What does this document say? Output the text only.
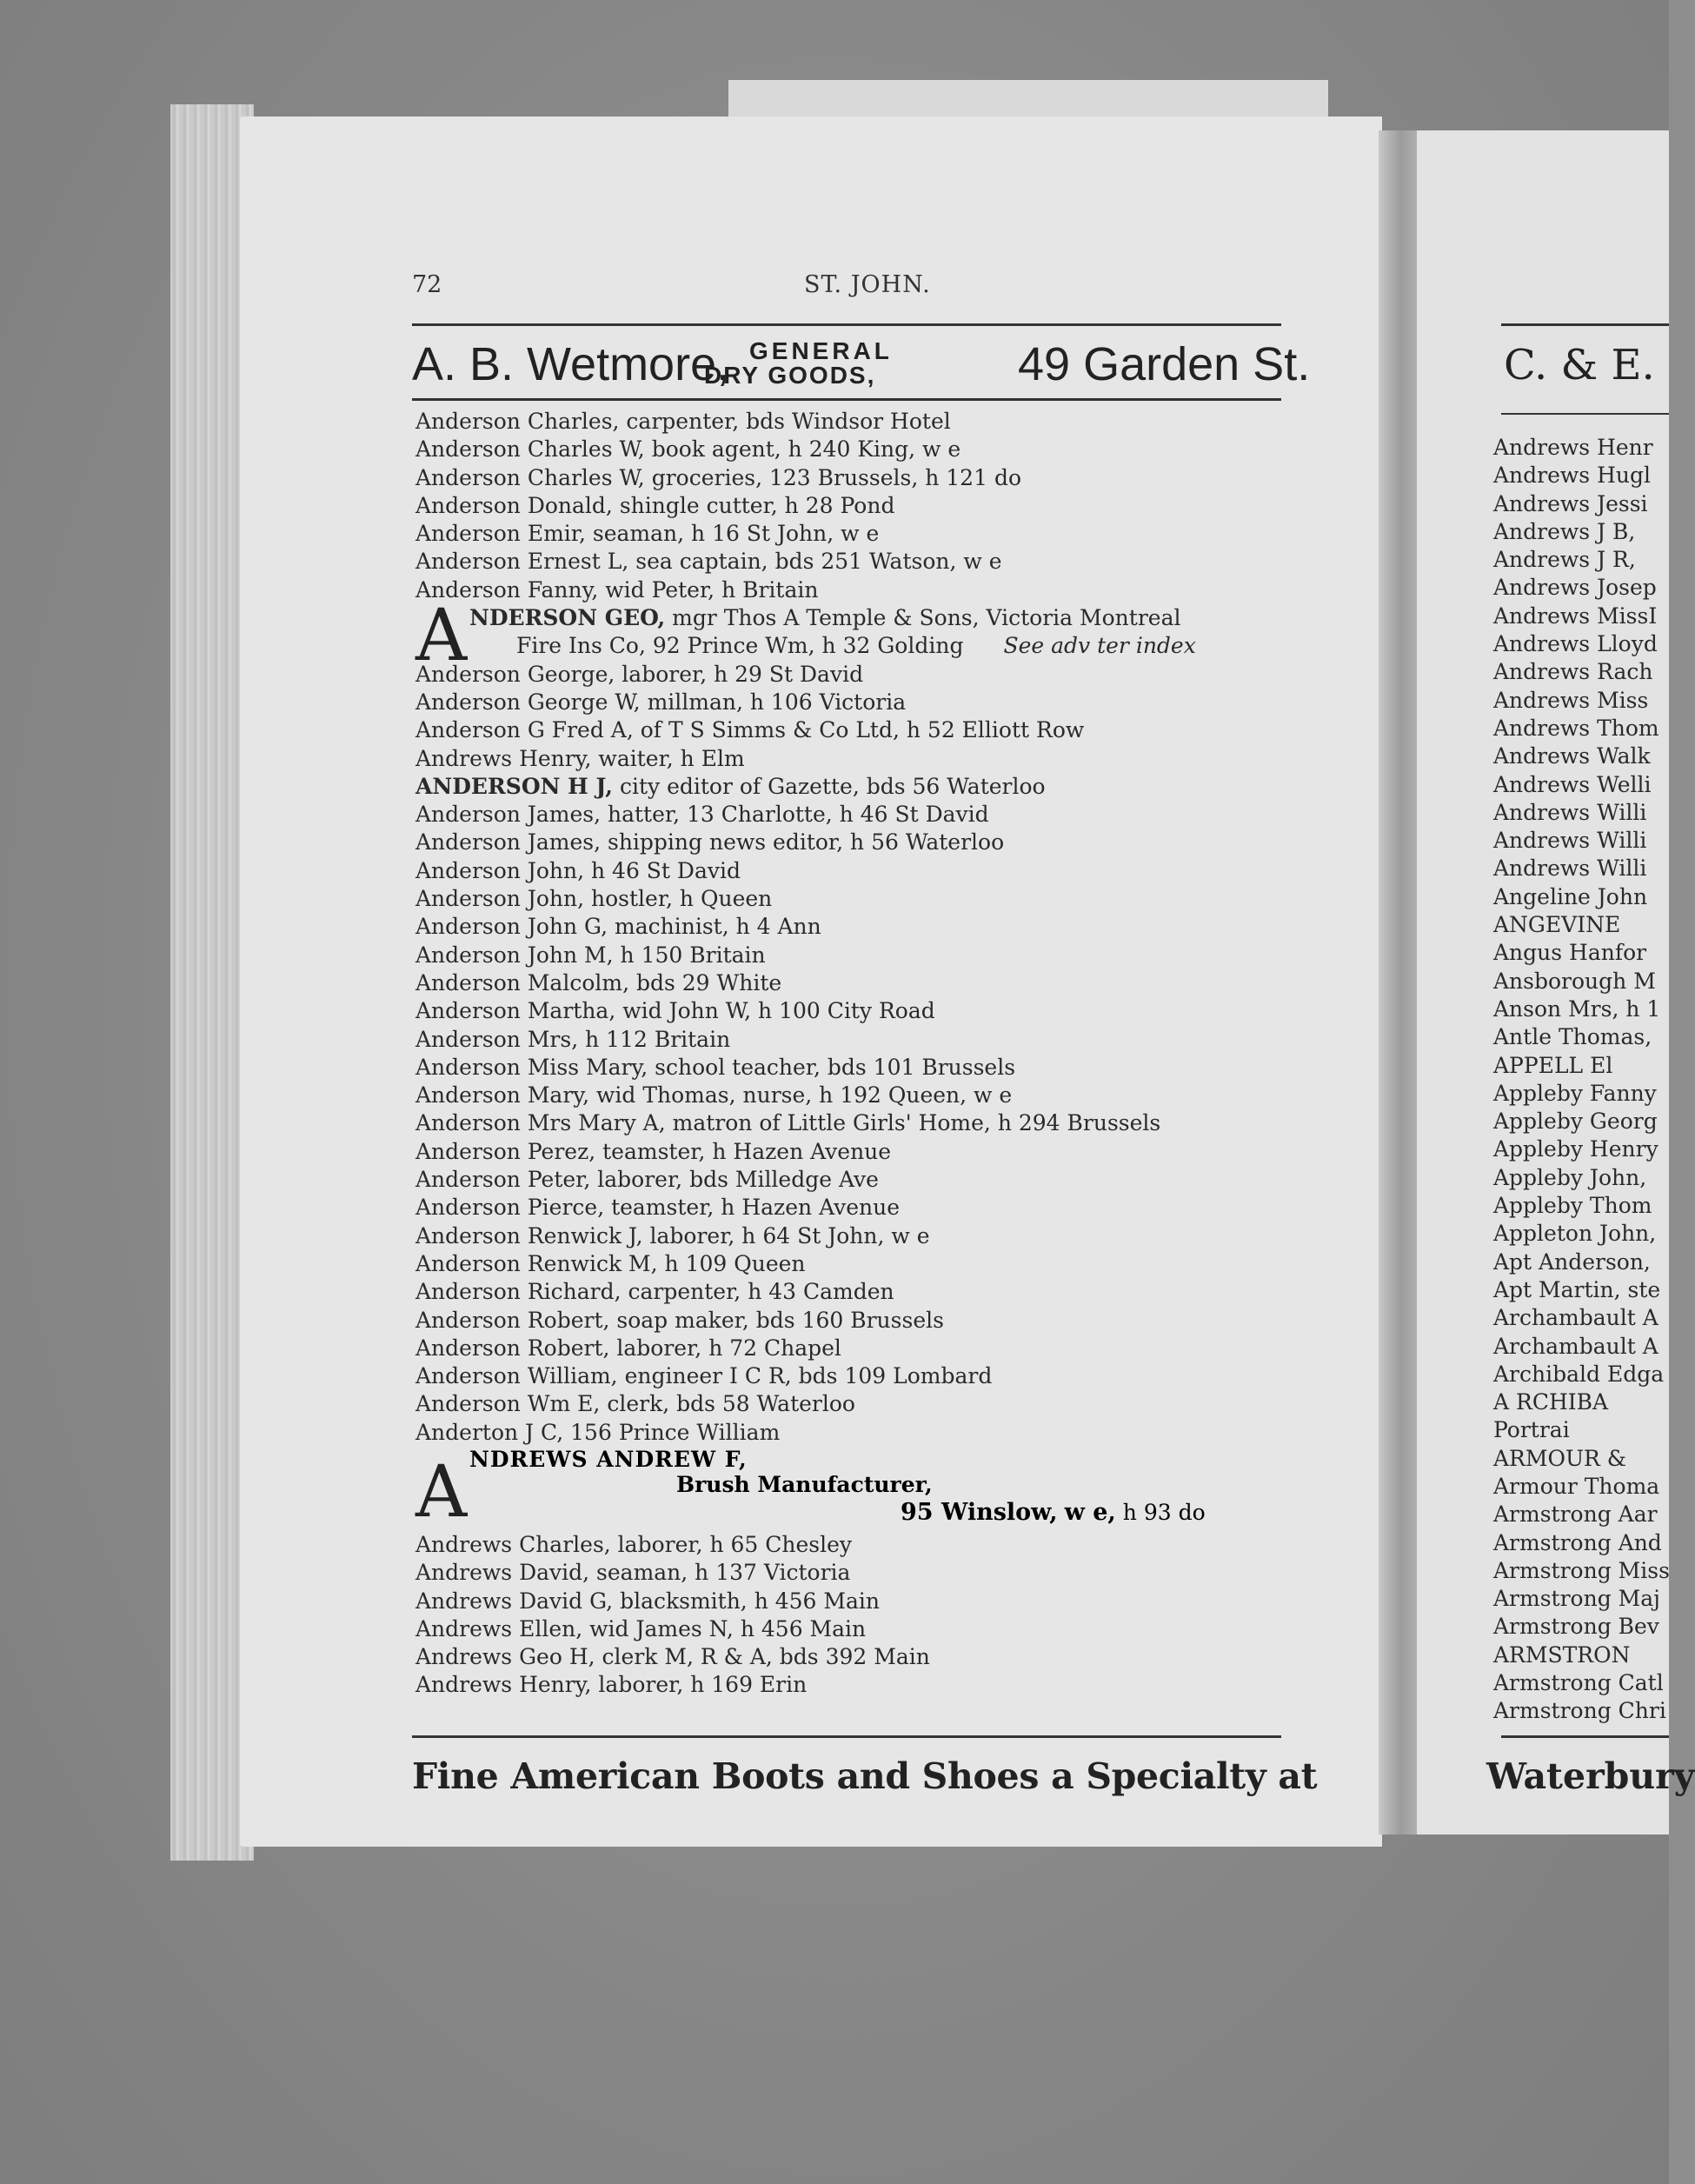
72	ST. JOHN.
A. B. Wetmore, GENERAL
DRY GOODS,	49 Garden St.
Anderson Charles, carpenter, bds Windsor Hotel
Anderson Charles W, book agent, h 240 King, w e
Anderson Charles W, groceries, 123 Brussels, h 121 do
Anderson Donald, shingle cutter, h 28 Pond
Anderson Emir, seaman, h 16 St John, w e
Anderson Ernest L, sea captain, bds 251 Watson, w e
Anderson Fanny, wid Peter, h Britain
A NDERSON GEO, mgr Thos A Temple & Sons, Victoria Montreal
Fire Ins Co, 92 Prince Wm, h 32 Golding See adv ter index
Anderson George, laborer, h 29 St David
Anderson George W, millman, h 106 Victoria
Anderson G Fred A, of T S Simms & Co Ltd, h 52 Elliott Row
Andrews Henry, waiter, h Elm
ANDERSON H J, city editor of Gazette, bds 56 Waterloo
Anderson James, hatter, 13 Charlotte, h 46 St David
Anderson James, shipping news editor, h 56 Waterloo
Anderson John, h 46 St David
Anderson John, hostler, h Queen
Anderson John G, machinist, h 4 Ann
Anderson John M, h 150 Britain
Anderson Malcolm, bds 29 White
Anderson Martha, wid John W, h 100 City Road
Anderson Mrs, h 112 Britain
Anderson Miss Mary, school teacher, bds 101 Brussels
Anderson Mary, wid Thomas, nurse, h 192 Queen, w e
Anderson Mrs Mary A, matron of Little Girls' Home, h 294 Brussels
Anderson Perez, teamster, h Hazen Avenue
Anderson Peter, laborer, bds Milledge Ave
Anderson Pierce, teamster, h Hazen Avenue
Anderson Renwick J, laborer, h 64 St John, w e
Anderson Renwick M, h 109 Queen
Anderson Richard, carpenter, h 43 Camden
Anderson Robert, soap maker, bds 160 Brussels
Anderson Robert, laborer, h 72 Chapel
Anderson William, engineer I C R, bds 109 Lombard
Anderson Wm E, clerk, bds 58 Waterloo
Anderton J C, 156 Prince William
A NDREWS ANDREW F,
Brush Manufacturer,
95 Winslow, w e, h 93 do
Andrews Charles, laborer, h 65 Chesley
Andrews David, seaman, h 137 Victoria
Andrews David G, blacksmith, h 456 Main
Andrews Ellen, wid James N, h 456 Main
Andrews Geo H, clerk M, R & A, bds 392 Main
Andrews Henry, laborer, h 169 Erin
Fine American Boots and Shoes a Specialty at
C. & E.
Andrews Henr
Andrews Hugl
Andrews Jessi
Andrews J B,
Andrews J R,
Andrews Josep
Andrews MissI
Andrews Lloyd
Andrews Rach
Andrews Miss
Andrews Thom
Andrews Walk
Andrews Welli
Andrews Willi
Andrews Willi
Andrews Willi
Angeline John
ANGEVINE
Angus Hanfor
Ansborough M
Anson Mrs, h 1
Antle Thomas,
APPELL El
Appleby Fanny
Appleby Georg
Appleby Henry
Appleby John,
Appleby Thom
Appleton John,
Apt Anderson,
Apt Martin, ste
Archambault A
Archambault A
Archibald Edga
A RCHIBA
Portrai
ARMOUR &
Armour Thoma
Armstrong Aar
Armstrong And
Armstrong Miss
Armstrong Maj
Armstrong Bev
ARMSTRON
Armstrong Catl
Armstrong Chri
Waterbury
